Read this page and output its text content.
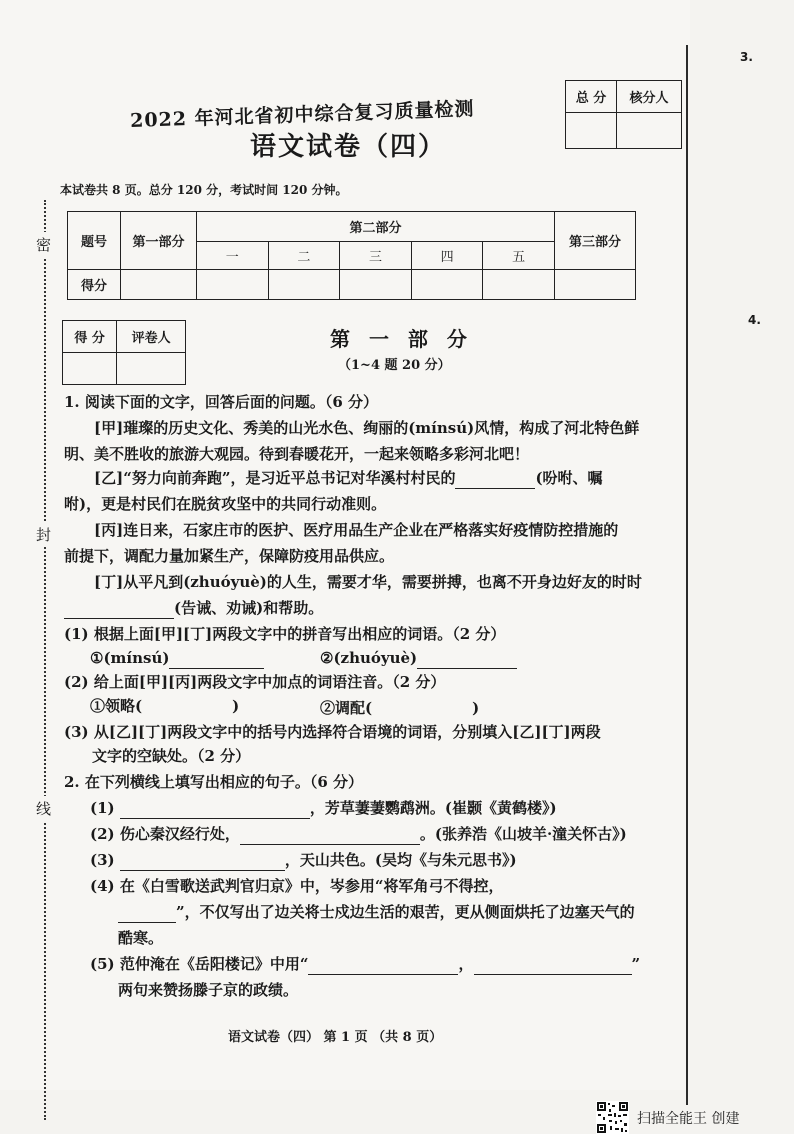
密
封
线
3.
4.
总 分	核分人

2022 年河北省初中综合复习质量检测
语文试卷（四）
本试卷共 8 页。总分 120 分，考试时间 120 分钟。
题号	第一部分	第二部分					第三部分
		一	二	三	四	五	
得分							
得 分	评卷人
		第 一 部 分
（1~4 题 20 分）
1. 阅读下面的文字，回答后面的问题。（6 分）
[甲]璀璨的历史文化、秀美的山光水色、绚丽的(mínsú)风情，构成了河北特色鲜
明、美不胜收的旅游大观园。待到春暖花开，一起来领略多彩河北吧！
[乙]“努力向前奔跑”，是习近平总书记对华溪村村民的	(吩咐、嘱
咐)，更是村民们在脱贫攻坚中的共同行动准则。
[丙]连日来，石家庄市的医护、医疗用品生产企业在严格落实好疫情防控措施的
前提下，调配力量加紧生产，保障防疫用品供应。
[丁]从平凡到(zhuóyuè)的人生，需要才华，需要拼搏，也离不开身边好友的时时
(告诫、劝诫)和帮助。
(1) 根据上面[甲][丁]两段文字中的拼音写出相应的词语。（2 分）
①(mínsú)	②(zhuóyuè)
(2) 给上面[甲][丙]两段文字中加点的词语注音。（2 分）
①领略(	)	②调配(	)
(3) 从[乙][丁]两段文字中的括号内选择符合语境的词语，分别填入[乙][丁]两段
文字的空缺处。（2 分）
2. 在下列横线上填写出相应的句子。（6 分）
(1)	，芳草萋萋鹦鹉洲。(崔颢《黄鹤楼》)
(2) 伤心秦汉经行处，	。(张养浩《山坡羊·潼关怀古》)
(3)	，天山共色。(吴均《与朱元思书》)
(4) 在《白雪歌送武判官归京》中，岑参用“将军角弓不得控，
”，不仅写出了边关将士戍边生活的艰苦，更从侧面烘托了边塞天气的
酷寒。
(5) 范仲淹在《岳阳楼记》中用“	，	”
两句来赞扬滕子京的政绩。
语文试卷（四） 第 1 页 （共 8 页）
扫描全能王 创建
